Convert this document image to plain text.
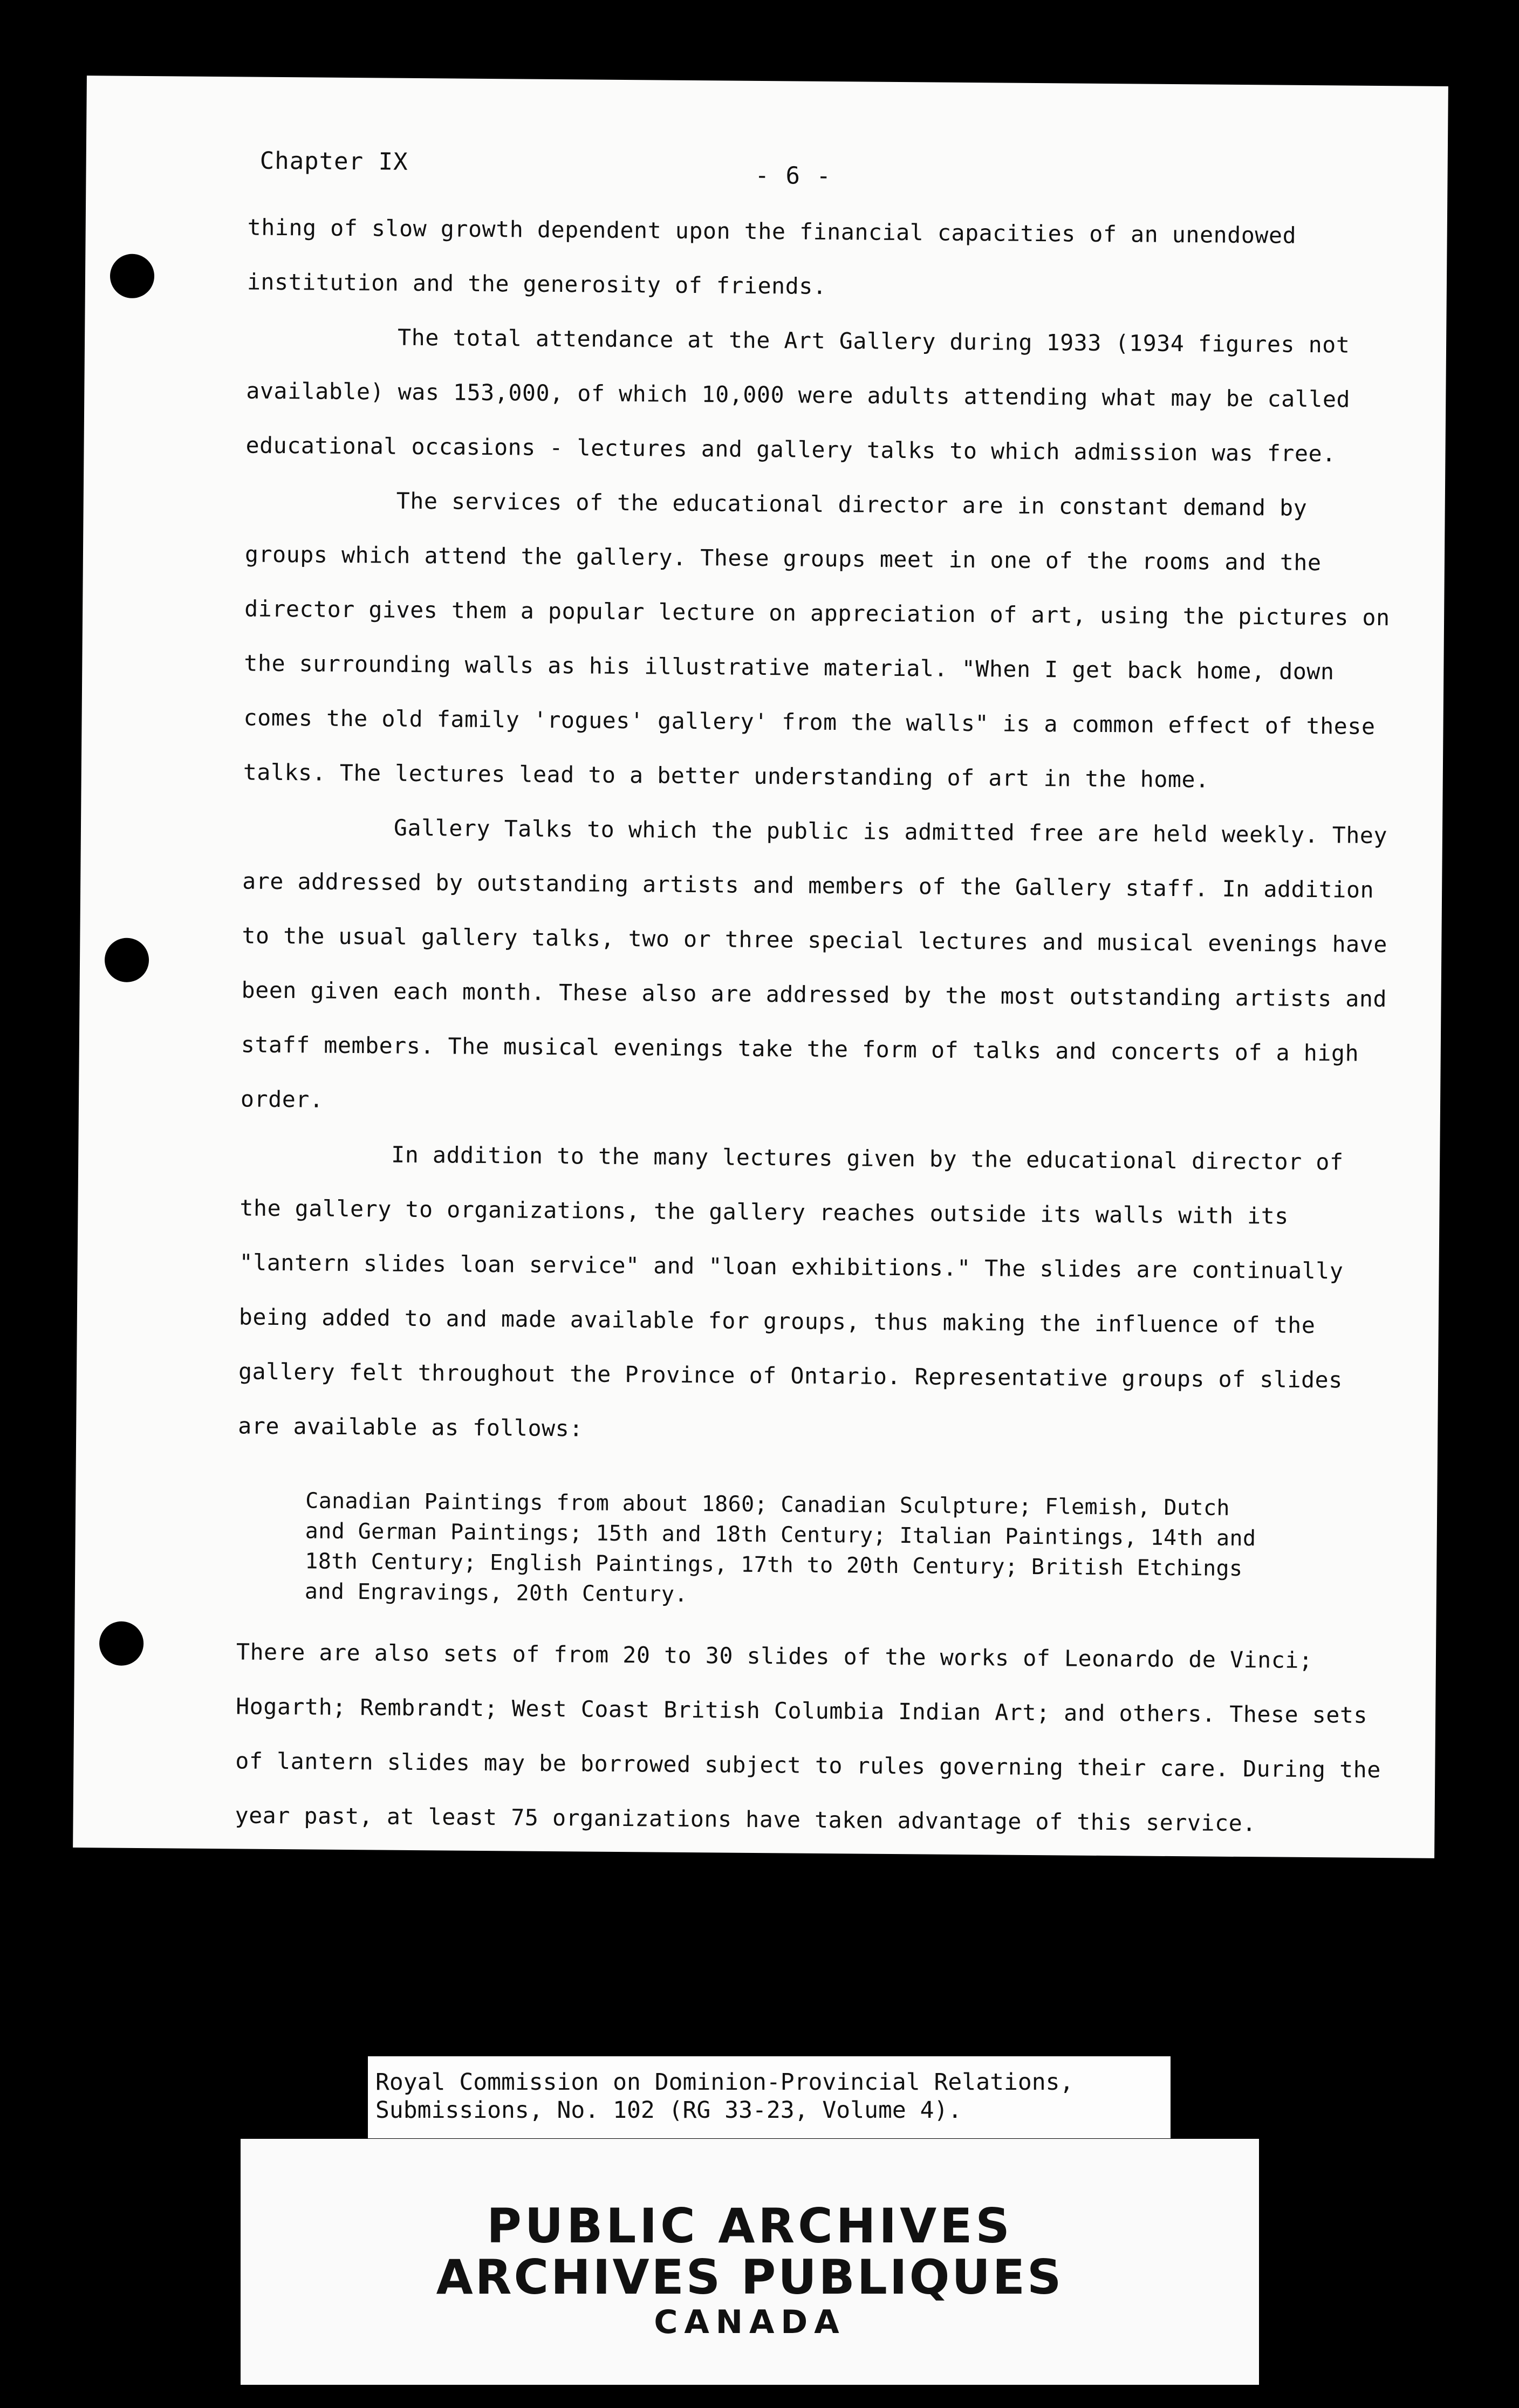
Chapter IX
- 6 -

thing of slow growth dependent upon the financial capacities of an unendowed institution and the generosity of friends.

The total attendance at the Art Gallery during 1933 (1934 figures not available) was 153,000, of which 10,000 were adults attending what may be called educational occasions - lectures and gallery talks to which admission was free.

The services of the educational director are in constant demand by groups which attend the gallery. These groups meet in one of the rooms and the director gives them a popular lecture on appreciation of art, using the pictures on the surrounding walls as his illustrative material. "When I get back home, down comes the old family 'rogues' gallery' from the walls" is a common effect of these talks. The lectures lead to a better understanding of art in the home.

Gallery Talks to which the public is admitted free are held weekly. They are addressed by outstanding artists and members of the Gallery staff. In addition to the usual gallery talks, two or three special lectures and musical evenings have been given each month. These also are addressed by the most outstanding artists and staff members. The musical evenings take the form of talks and concerts of a high order.

In addition to the many lectures given by the educational director of the gallery to organizations, the gallery reaches outside its walls with its "lantern slides loan service" and "loan exhibitions." The slides are continually being added to and made available for groups, thus making the influence of the gallery felt throughout the Province of Ontario. Representative groups of slides are available as follows:

Canadian Paintings from about 1860; Canadian Sculpture; Flemish, Dutch and German Paintings; 15th and 18th Century; Italian Paintings, 14th and 18th Century; English Paintings, 17th to 20th Century; British Etchings and Engravings, 20th Century.

There are also sets of from 20 to 30 slides of the works of Leonardo de Vinci; Hogarth; Rembrandt; West Coast British Columbia Indian Art; and others. These sets of lantern slides may be borrowed subject to rules governing their care. During the year past, at least 75 organizations have taken advantage of this service.

Royal Commission on Dominion-Provincial Relations,
Submissions, No. 102 (RG 33-23, Volume 4).
PUBLIC ARCHIVES
ARCHIVES PUBLIQUES
CANADA
